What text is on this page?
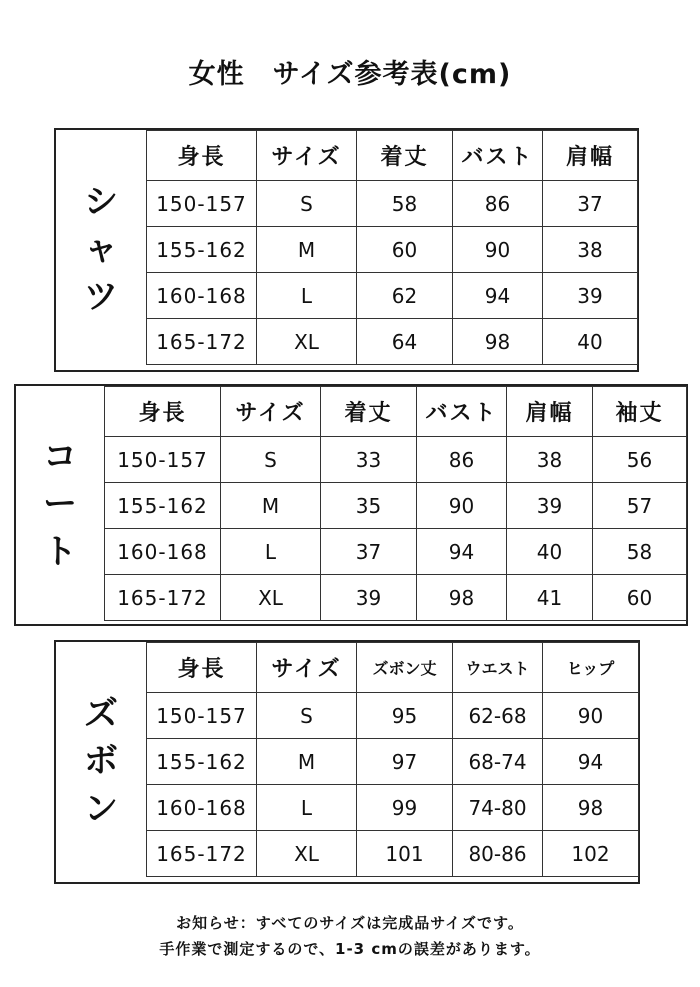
女性　サイズ参考表(cm)
シ
ャ
ツ
身長	サイズ	着丈	バスト	肩幅
150-157	S	58	86	37
155-162	M	60	90	38
160-168	L	62	94	39
165-172	XL	64	98	40
コ
ー
ト
身長	サイズ	着丈	バスト	肩幅	袖丈
150-157	S	33	86	38	56
155-162	M	35	90	39	57
160-168	L	37	94	40	58
165-172	XL	39	98	41	60
ズ
ボ
ン
身長	サイズ	ズボン丈	ウエスト	ヒップ
150-157	S	95	62-68	90
155-162	M	97	68-74	94
160-168	L	99	74-80	98
165-172	XL	101	80-86	102
お知らせ：すべてのサイズは完成品サイズです。
手作業で測定するので、1-3 cmの誤差があります。
